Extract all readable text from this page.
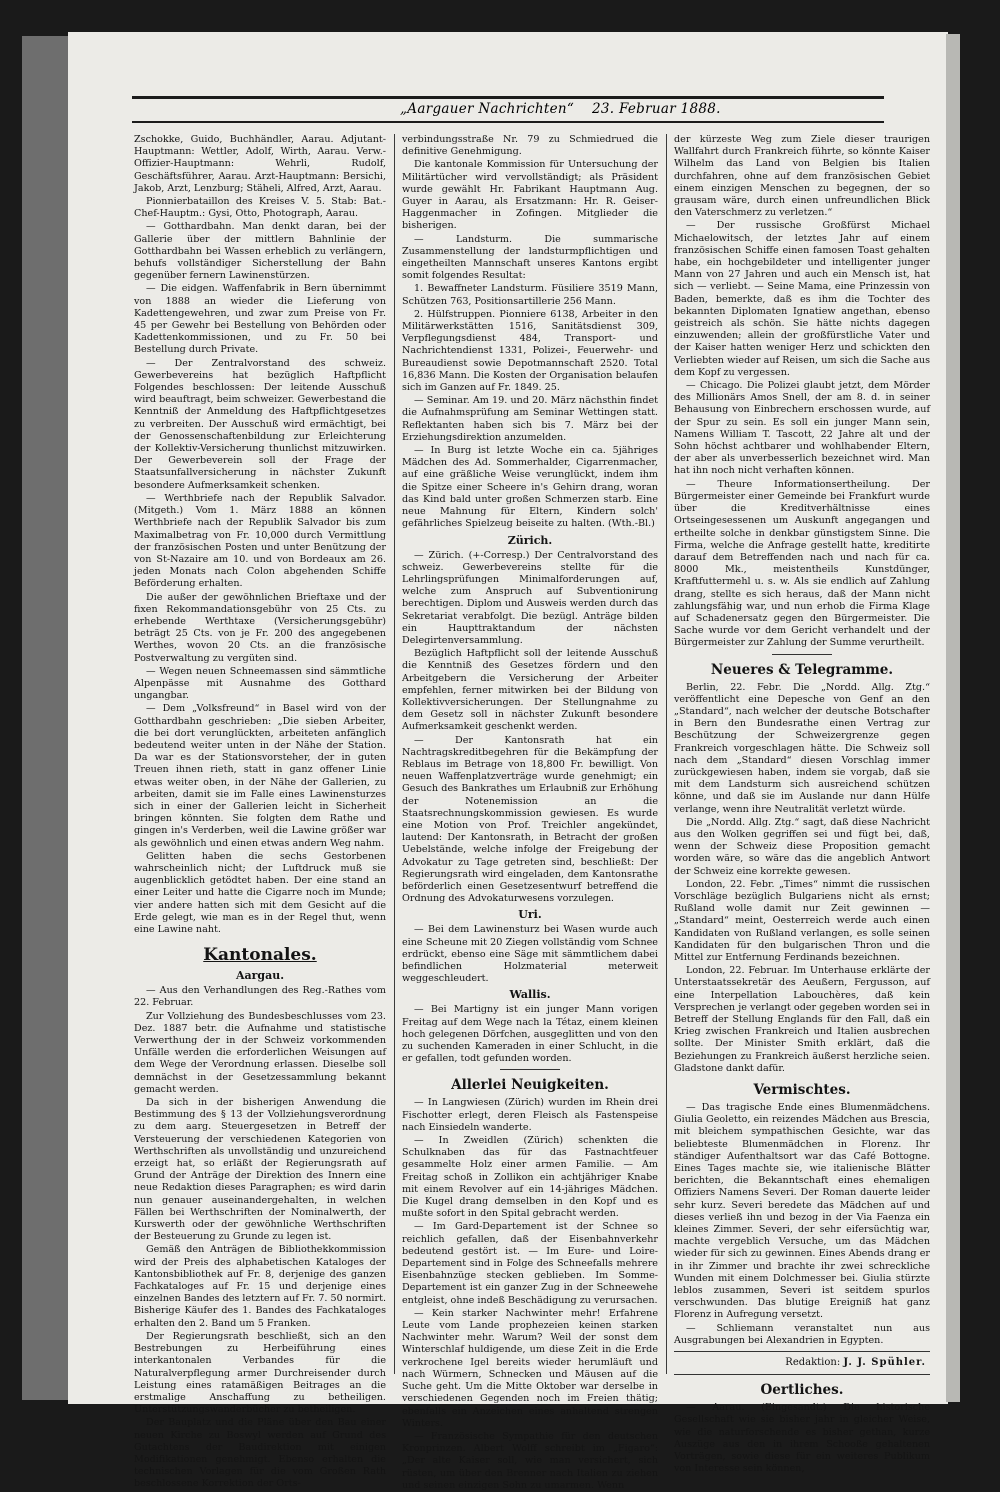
„Aargauer Nachrichten“ 23. Februar 1888.

Zschokke, Guido, Buchhändler, Aarau. Adjutant-Hauptmann: Wettler, Adolf, Wirth, Aarau. Verw.-Offizier-Hauptmann: Wehrli, Rudolf, Geschäftsführer, Aarau. Arzt-Hauptmann: Bersichi, Jakob, Arzt, Lenzburg; Stäheli, Alfred, Arzt, Aarau.

Pionnierbataillon des Kreises V. 5. Stab: Bat.-Chef-Hauptm.: Gysi, Otto, Photograph, Aarau.

— Gotthardbahn. Man denkt daran, bei der Gallerie über der mittlern Bahnlinie der Gotthardbahn bei Wassen erheblich zu verlängern, behufs vollständiger Sicherstellung der Bahn gegenüber fernern Lawinenstürzen.

— Die eidgen. Waffenfabrik in Bern übernimmt von 1888 an wieder die Lieferung von Kadettengewehren, und zwar zum Preise von Fr. 45 per Gewehr bei Bestellung von Behörden oder Kadettenkommissionen, und zu Fr. 50 bei Bestellung durch Private.

— Der Zentralvorstand des schweiz. Gewerbevereins hat bezüglich Haftpflicht Folgendes beschlossen: Der leitende Ausschuß wird beauftragt, beim schweizer. Gewerbestand die Kenntniß der Anmeldung des Haftpflichtgesetzes zu verbreiten. Der Ausschuß wird ermächtigt, bei der Genossenschaftenbildung zur Erleichterung der Kollektiv-Versicherung thunlichst mitzuwirken. Der Gewerbeverein soll der Frage der Staatsunfallversicherung in nächster Zukunft besondere Aufmerksamkeit schenken.

— Werthbriefe nach der Republik Salvador. (Mitgeth.) Vom 1. März 1888 an können Werthbriefe nach der Republik Salvador bis zum Maximalbetrag von Fr. 10,000 durch Vermittlung der französischen Posten und unter Benützung der von St-Nazaire am 10. und von Bordeaux am 26. jeden Monats nach Colon abgehenden Schiffe Beförderung erhalten.

Die außer der gewöhnlichen Brieftaxe und der fixen Rekommandationsgebühr von 25 Cts. zu erhebende Werthtaxe (Versicherungsgebühr) beträgt 25 Cts. von je Fr. 200 des angegebenen Werthes, wovon 20 Cts. an die französische Postverwaltung zu vergüten sind.

— Wegen neuen Schneemassen sind sämmtliche Alpenpässe mit Ausnahme des Gotthard ungangbar.

— Dem „Volksfreund“ in Basel wird von der Gotthardbahn geschrieben: „Die sieben Arbeiter, die bei dort verunglückten, arbeiteten anfänglich bedeutend weiter unten in der Nähe der Station. Da war es der Stationsvorsteher, der in guten Treuen ihnen rieth, statt in ganz offener Linie etwas weiter oben, in der Nähe der Gallerien, zu arbeiten, damit sie im Falle eines Lawinensturzes sich in einer der Gallerien leicht in Sicherheit bringen könnten. Sie folgten dem Rathe und gingen in's Verderben, weil die Lawine größer war als gewöhnlich und einen etwas andern Weg nahm.

Gelitten haben die sechs Gestorbenen wahrscheinlich nicht; der Luftdruck muß sie augenblicklich getödtet haben. Der eine stand an einer Leiter und hatte die Cigarre noch im Munde; vier andere hatten sich mit dem Gesicht auf die Erde gelegt, wie man es in der Regel thut, wenn eine Lawine naht.

Kantonales.
Aargau.

— Aus den Verhandlungen des Reg.-Rathes vom 22. Februar.

Zur Vollziehung des Bundesbeschlusses vom 23. Dez. 1887 betr. die Aufnahme und statistische Verwerthung der in der Schweiz vorkommenden Unfälle werden die erforderlichen Weisungen auf dem Wege der Verordnung erlassen. Dieselbe soll demnächst in der Gesetzessammlung bekannt gemacht werden.

Da sich in der bisherigen Anwendung die Bestimmung des § 13 der Vollziehungsverordnung zu dem aarg. Steuergesetzen in Betreff der Versteuerung der verschiedenen Kategorien von Werthschriften als unvollständig und unzureichend erzeigt hat, so erläßt der Regierungsrath auf Grund der Anträge der Direktion des Innern eine neue Redaktion dieses Paragraphen; es wird darin nun genauer auseinandergehalten, in welchen Fällen bei Werthschriften der Nominalwerth, der Kurswerth oder der gewöhnliche Werthschriften der Besteuerung zu Grunde zu legen ist.

Gemäß den Anträgen de Bibliothekkommission wird der Preis des alphabetischen Kataloges der Kantonsbibliothek auf Fr. 8, derjenige des ganzen Fachkataloges auf Fr. 15 und derjenige eines einzelnen Bandes des letztern auf Fr. 7. 50 normirt. Bisherige Käufer des 1. Bandes des Fachkataloges erhalten den 2. Band um 5 Franken.

Der Regierungsrath beschließt, sich an den Bestrebungen zu Herbeiführung eines interkantonalen Verbandes für die Naturalverpflegung armer Durchreisender durch Leistung eines ratamäßigen Beitrages an die erstmalige Anschaffung zu betheiligen. Unterstützungswanderbücher zu betheiligen.

Der Bauplatz und die Pläne über den Bau einer neuen Kirche zu Boswyl werden auf Grund des Gutachtens der Baudirektion mit einigen Modifikationen genehmigt. Ebenso erhalten die technischen Vorlagen für die vom Großen Rath beschlossene Korrektion der Orts-

verbindungsstraße Nr. 79 zu Schmiedrued die definitive Genehmigung.

Die kantonale Kommission für Untersuchung der Militärtücher wird vervollständigt; als Präsident wurde gewählt Hr. Fabrikant Hauptmann Aug. Guyer in Aarau, als Ersatzmann: Hr. R. Geiser-Haggenmacher in Zofingen. Mitglieder die bisherigen.

— Landsturm. Die summarische Zusammenstellung der landsturmpflichtigen und eingetheilten Mannschaft unseres Kantons ergibt somit folgendes Resultat:

1. Bewaffneter Landsturm. Füsiliere 3519 Mann, Schützen 763, Positionsartillerie 256 Mann.

2. Hülfstruppen. Pionniere 6138, Arbeiter in den Militärwerkstätten 1516, Sanitätsdienst 309, Verpflegungsdienst 484, Transport- und Nachrichtendienst 1331, Polizei-, Feuerwehr- und Bureaudienst sowie Depotmannschaft 2520. Total 16,836 Mann. Die Kosten der Organisation belaufen sich im Ganzen auf Fr. 1849. 25.

— Seminar. Am 19. und 20. März nächsthin findet die Aufnahmsprüfung am Seminar Wettingen statt. Reflektanten haben sich bis 7. März bei der Erziehungsdirektion anzumelden.

— In Burg ist letzte Woche ein ca. 5jähriges Mädchen des Ad. Sommerhalder, Cigarrenmacher, auf eine gräßliche Weise verunglückt, indem ihm die Spitze einer Scheere in's Gehirn drang, woran das Kind bald unter großen Schmerzen starb. Eine neue Mahnung für Eltern, Kindern solch' gefährliches Spielzeug beiseite zu halten. (Wth.-Bl.)

Zürich.

— Zürich. (+-Corresp.) Der Centralvorstand des schweiz. Gewerbevereins stellte für die Lehrlingsprüfungen Minimalforderungen auf, welche zum Anspruch auf Subventionirung berechtigen. Diplom und Ausweis werden durch das Sekretariat verabfolgt. Die bezügl. Anträge bilden ein Haupttraktandum der nächsten Delegirtenversammlung.

Bezüglich Haftpflicht soll der leitende Ausschuß die Kenntniß des Gesetzes fördern und den Arbeitgebern die Versicherung der Arbeiter empfehlen, ferner mitwirken bei der Bildung von Kollektivversicherungen. Der Stellungnahme zu dem Gesetz soll in nächster Zukunft besondere Aufmerksamkeit geschenkt werden.

— Der Kantonsrath hat ein Nachtragskreditbegehren für die Bekämpfung der Reblaus im Betrage von 18,800 Fr. bewilligt. Von neuen Waffenplatzverträge wurde genehmigt; ein Gesuch des Bankrathes um Erlaubniß zur Erhöhung der Notenemission an die Staatsrechnungskommission gewiesen. Es wurde eine Motion von Prof. Treichler angekündet, lautend: Der Kantonsrath, in Betracht der großen Uebelstände, welche infolge der Freigebung der Advokatur zu Tage getreten sind, beschließt: Der Regierungsrath wird eingeladen, dem Kantonsrathe beförderlich einen Gesetzesentwurf betreffend die Ordnung des Advokaturwesens vorzulegen.

Uri.

— Bei dem Lawinensturz bei Wasen wurde auch eine Scheune mit 20 Ziegen vollständig vom Schnee erdrückt, ebenso eine Säge mit sämmtlichem dabei befindlichen Holzmaterial meterweit weggeschleudert.

Wallis.

— Bei Martigny ist ein junger Mann vorigen Freitag auf dem Wege nach la Tétaz, einem kleinen hoch gelegenen Dörfchen, ausgeglitten und von den zu suchenden Kameraden in einer Schlucht, in die er gefallen, todt gefunden worden.

Allerlei Neuigkeiten.

— In Langwiesen (Zürich) wurden im Rhein drei Fischotter erlegt, deren Fleisch als Fastenspeise nach Einsiedeln wanderte.

— In Zweidlen (Zürich) schenkten die Schulknaben das für das Fastnachtfeuer gesammelte Holz einer armen Familie. — Am Freitag schoß in Zollikon ein achtjähriger Knabe mit einem Revolver auf ein 14-jähriges Mädchen. Die Kugel drang demselben in den Kopf und es mußte sofort in den Spital gebracht werden.

— Im Gard-Departement ist der Schnee so reichlich gefallen, daß der Eisenbahnverkehr bedeutend gestört ist. — Im Eure- und Loire-Departement sind in Folge des Schneefalls mehrere Eisenbahnzüge stecken geblieben. Im Somme-Departement ist ein ganzer Zug in der Schneewehe entgleist, ohne indeß Beschädigung zu verursachen.

— Kein starker Nachwinter mehr! Erfahrene Leute vom Lande prophezeien keinen starken Nachwinter mehr. Warum? Weil der sonst dem Winterschlaf huldigende, um diese Zeit in die Erde verkrochene Igel bereits wieder herumläuft und nach Würmern, Schnecken und Mäusen auf die Suche geht. Um die Mitte Oktober war derselbe in verschiedenen Gegenden noch im Freien thätig; ebenfalls ein Anzeichen eines anhaltend strengen Winters.

— Französische Sympathie für den deutschen Kronprinzen. Albert Wolff schreibt im „Figaro“: „Der alte Kaiser soll, wie man versichert, sich rüsten, um über den Brenner nach Italien zu ziehen und seinen einzigen Sohn zu umarmen. Wenn

der kürzeste Weg zum Ziele dieser traurigen Wallfahrt durch Frankreich führte, so könnte Kaiser Wilhelm das Land von Belgien bis Italien durchfahren, ohne auf dem französischen Gebiet einem einzigen Menschen zu begegnen, der so grausam wäre, durch einen unfreundlichen Blick den Vaterschmerz zu verletzen.“

— Der russische Großfürst Michael Michaelowitsch, der letztes Jahr auf einem französischen Schiffe einen famosen Toast gehalten habe, ein hochgebildeter und intelligenter junger Mann von 27 Jahren und auch ein Mensch ist, hat sich — verliebt. — Seine Mama, eine Prinzessin von Baden, bemerkte, daß es ihm die Tochter des bekannten Diplomaten Ignatiew angethan, ebenso geistreich als schön. Sie hätte nichts dagegen einzuwenden; allein der großfürstliche Vater und der Kaiser hatten weniger Herz und schickten den Verliebten wieder auf Reisen, um sich die Sache aus dem Kopf zu vergessen.

— Chicago. Die Polizei glaubt jetzt, dem Mörder des Millionärs Amos Snell, der am 8. d. in seiner Behausung von Einbrechern erschossen wurde, auf der Spur zu sein. Es soll ein junger Mann sein, Namens William T. Tascott, 22 Jahre alt und der Sohn höchst achtbarer und wohlhabender Eltern, der aber als unverbesserlich bezeichnet wird. Man hat ihn noch nicht verhaften können.

— Theure Informationsertheilung. Der Bürgermeister einer Gemeinde bei Frankfurt wurde über die Kreditverhältnisse eines Ortseingesessenen um Auskunft angegangen und ertheilte solche in denkbar günstigstem Sinne. Die Firma, welche die Anfrage gestellt hatte, kreditirte darauf dem Betreffenden nach und nach für ca. 8000 Mk., meistentheils Kunstdünger, Kraftfuttermehl u. s. w. Als sie endlich auf Zahlung drang, stellte es sich heraus, daß der Mann nicht zahlungsfähig war, und nun erhob die Firma Klage auf Schadenersatz gegen den Bürgermeister. Die Sache wurde vor dem Gericht verhandelt und der Bürgermeister zur Zahlung der Summe verurtheilt.

Neueres & Telegramme.

Berlin, 22. Febr. Die „Nordd. Allg. Ztg.“ veröffentlicht eine Depesche von Genf an den „Standard“, nach welcher der deutsche Botschafter in Bern den Bundesrathe einen Vertrag zur Beschützung der Schweizergrenze gegen Frankreich vorgeschlagen hätte. Die Schweiz soll nach dem „Standard“ diesen Vorschlag immer zurückgewiesen haben, indem sie vorgab, daß sie mit dem Landsturm sich ausreichend schützen könne, und daß sie im Auslande nur dann Hülfe verlange, wenn ihre Neutralität verletzt würde.

Die „Nordd. Allg. Ztg.“ sagt, daß diese Nachricht aus den Wolken gegriffen sei und fügt bei, daß, wenn der Schweiz diese Proposition gemacht worden wäre, so wäre das die angeblich Antwort der Schweiz eine korrekte gewesen.

London, 22. Febr. „Times“ nimmt die russischen Vorschläge bezüglich Bulgariens nicht als ernst; Rußland wolle damit nur Zeit gewinnen — „Standard“ meint, Oesterreich werde auch einen Kandidaten von Rußland verlangen, es solle seinen Kandidaten für den bulgarischen Thron und die Mittel zur Entfernung Ferdinands bezeichnen.

London, 22. Februar. Im Unterhause erklärte der Unterstaatssekretär des Aeußern, Fergusson, auf eine Interpellation Labouchères, daß kein Versprechen je verlangt oder gegeben worden sei in Betreff der Stellung Englands für den Fall, daß ein Krieg zwischen Frankreich und Italien ausbrechen sollte. Der Minister Smith erklärt, daß die Beziehungen zu Frankreich äußerst herzliche seien. Gladstone dankt dafür.

Vermischtes.

— Das tragische Ende eines Blumenmädchens. Giulia Geoletto, ein reizendes Mädchen aus Brescia, mit bleichem sympathischen Gesichte, war das beliebteste Blumenmädchen in Florenz. Ihr ständiger Aufenthaltsort war das Café Bottogne. Eines Tages machte sie, wie italienische Blätter berichten, die Bekanntschaft eines ehemaligen Offiziers Namens Severi. Der Roman dauerte leider sehr kurz. Severi beredete das Mädchen auf und dieses verließ ihn und bezog in der Via Faenza ein kleines Zimmer. Severi, der sehr eifersüchtig war, machte vergeblich Versuche, um das Mädchen wieder für sich zu gewinnen. Eines Abends drang er in ihr Zimmer und brachte ihr zwei schreckliche Wunden mit einem Dolchmesser bei. Giulia stürzte leblos zusammen, Severi ist seitdem spurlos verschwunden. Das blutige Ereigniß hat ganz Florenz in Aufregung versetzt.

— Schliemann veranstaltet nun aus Ausgrabungen bei Alexandrien in Egypten.

Redaktion: J. J. Spühler.
Oertliches.

— Aarau. (Eingesandt.) Die historische Gesellschaft wie sie bisher jahr in gleicher Weise, wie die naturforschende es bisher gethan, kurze Auszüge aus den in ihrem Schooße gehaltenen Vorträgen, sowie diese für ein weiteres Publikum von Interesse sein können,
